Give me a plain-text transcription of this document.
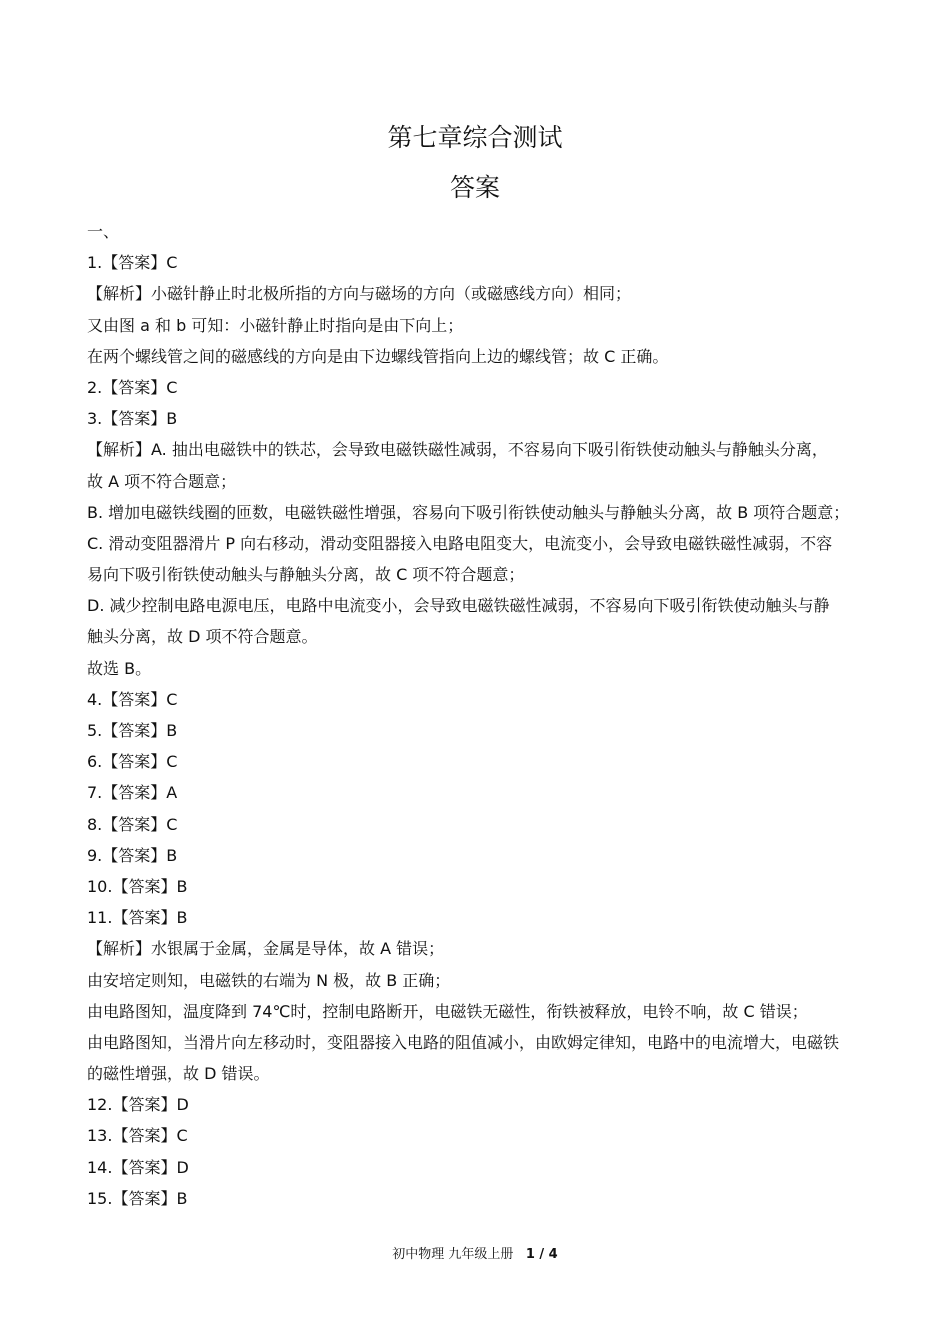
第七章综合测试
答案
一、
1.【答案】C
【解析】小磁针静止时北极所指的方向与磁场的方向（或磁感线方向）相同；
又由图 a 和 b 可知：小磁针静止时指向是由下向上；
在两个螺线管之间的磁感线的方向是由下边螺线管指向上边的螺线管；故 C 正确。
2.【答案】C
3.【答案】B
【解析】A. 抽出电磁铁中的铁芯，会导致电磁铁磁性减弱，不容易向下吸引衔铁使动触头与静触头分离，
故 A 项不符合题意；
B. 增加电磁铁线圈的匝数，电磁铁磁性增强，容易向下吸引衔铁使动触头与静触头分离，故 B 项符合题意；
C. 滑动变阻器滑片 P 向右移动，滑动变阻器接入电路电阻变大，电流变小，会导致电磁铁磁性减弱，不容
易向下吸引衔铁使动触头与静触头分离，故 C 项不符合题意；
D. 减少控制电路电源电压，电路中电流变小，会导致电磁铁磁性减弱，不容易向下吸引衔铁使动触头与静
触头分离，故 D 项不符合题意。
故选 B。
4.【答案】C
5.【答案】B
6.【答案】C
7.【答案】A
8.【答案】C
9.【答案】B
10.【答案】B
11.【答案】B
【解析】水银属于金属，金属是导体，故 A 错误；
由安培定则知，电磁铁的右端为 N 极，故 B 正确；
由电路图知，温度降到 74℃时，控制电路断开，电磁铁无磁性，衔铁被释放，电铃不响，故 C 错误；
由电路图知，当滑片向左移动时，变阻器接入电路的阻值减小，由欧姆定律知，电路中的电流增大，电磁铁
的磁性增强，故 D 错误。
12.【答案】D
13.【答案】C
14.【答案】D
15.【答案】B
初中物理 九年级上册 1 / 4
